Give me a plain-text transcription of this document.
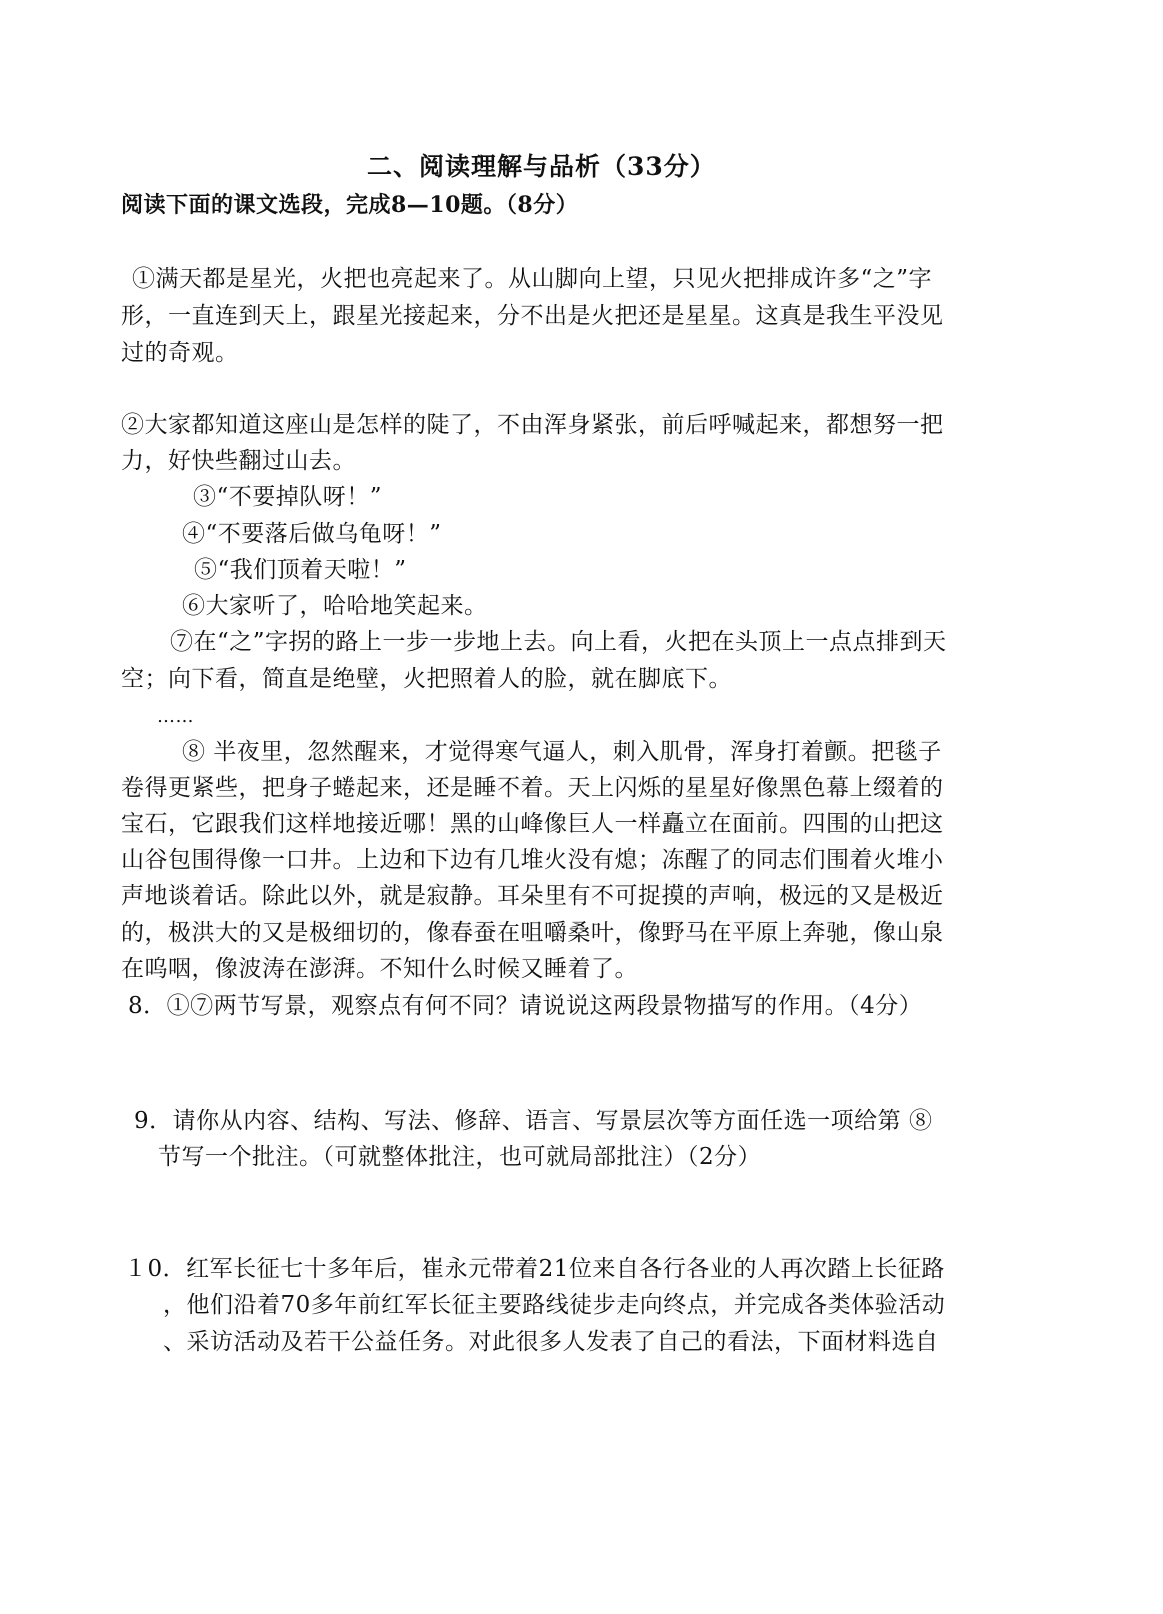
二、阅读理解与品析（33分）
阅读下面的课文选段，完成8—10题。（8分）
①满天都是星光，火把也亮起来了。从山脚向上望，只见火把排成许多“之”字
形，一直连到天上，跟星光接起来，分不出是火把还是星星。这真是我生平没见
过的奇观。
②大家都知道这座山是怎样的陡了，不由浑身紧张，前后呼喊起来，都想努一把
力，好快些翻过山去。
③“不要掉队呀！”
④“不要落后做乌龟呀！”
⑤“我们顶着天啦！”
⑥大家听了，哈哈地笑起来。
⑦在“之”字拐的路上一步一步地上去。向上看，火把在头顶上一点点排到天
空；向下看，简直是绝壁，火把照着人的脸，就在脚底下。
……
⑧ 半夜里，忽然醒来，才觉得寒气逼人，刺入肌骨，浑身打着颤。把毯子
卷得更紧些，把身子蜷起来，还是睡不着。天上闪烁的星星好像黑色幕上缀着的
宝石，它跟我们这样地接近哪！黑的山峰像巨人一样矗立在面前。四围的山把这
山谷包围得像一口井。上边和下边有几堆火没有熄；冻醒了的同志们围着火堆小
声地谈着话。除此以外，就是寂静。耳朵里有不可捉摸的声响，极远的又是极近
的，极洪大的又是极细切的，像春蚕在咀嚼桑叶，像野马在平原上奔驰，像山泉
在呜咽，像波涛在澎湃。不知什么时候又睡着了。
8．①⑦两节写景，观察点有何不同？请说说这两段景物描写的作用。（4分）
9．请你从内容、结构、写法、修辞、语言、写景层次等方面任选一项给第 ⑧
节写一个批注。（可就整体批注，也可就局部批注）（2分）
１0．红军长征七十多年后，崔永元带着21位来自各行各业的人再次踏上长征路
，他们沿着70多年前红军长征主要路线徒步走向终点，并完成各类体验活动
、采访活动及若干公益任务。对此很多人发表了自己的看法，下面材料选自
